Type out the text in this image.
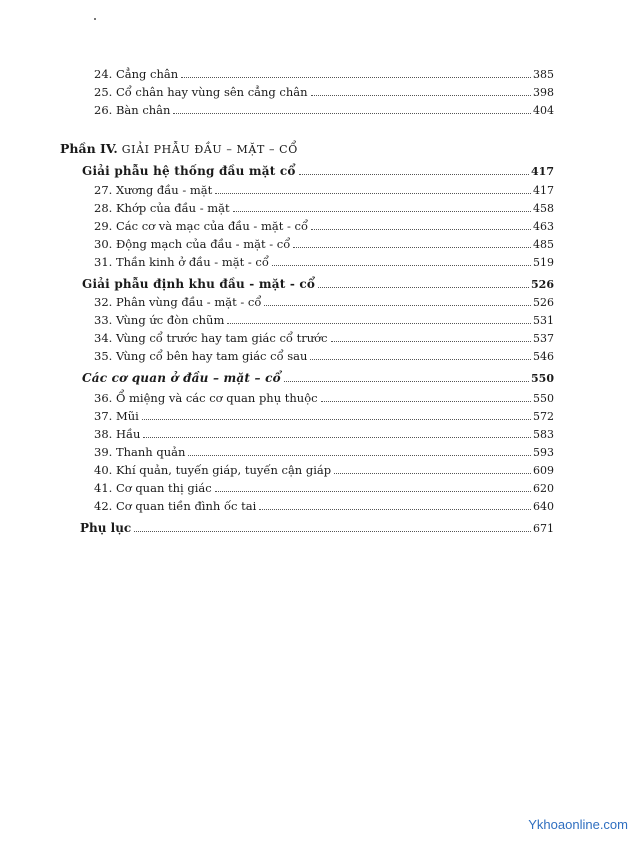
24. Cẳng chân	385
25. Cổ chân hay vùng sên cẳng chân	398
26. Bàn chân	404
Phần IV. GIẢI PHẪU ĐẦU – MẶT – CỔ
Giải phẫu hệ thống đầu mặt cổ	417
27. Xương đầu - mặt	417
28. Khớp của đầu - mặt	458
29. Các cơ và mạc của đầu - mặt - cổ	463
30. Động mạch của đầu - mặt - cổ	485
31. Thần kinh ở đầu - mặt - cổ	519
Giải phẫu định khu đầu - mặt - cổ	526
32. Phân vùng đầu - mặt - cổ	526
33. Vùng ức đòn chũm	531
34. Vùng cổ trước hay tam giác cổ trước	537
35. Vùng cổ bên hay tam giác cổ sau	546
Các cơ quan ở đầu – mặt – cổ	550
36. Ổ miệng và các cơ quan phụ thuộc	550
37. Mũi	572
38. Hầu	583
39. Thanh quản	593
40. Khí quản, tuyến giáp, tuyến cận giáp	609
41. Cơ quan thị giác	620
42. Cơ quan tiền đình ốc tai	640
Phụ lục	671
Ykhoaonline.com
